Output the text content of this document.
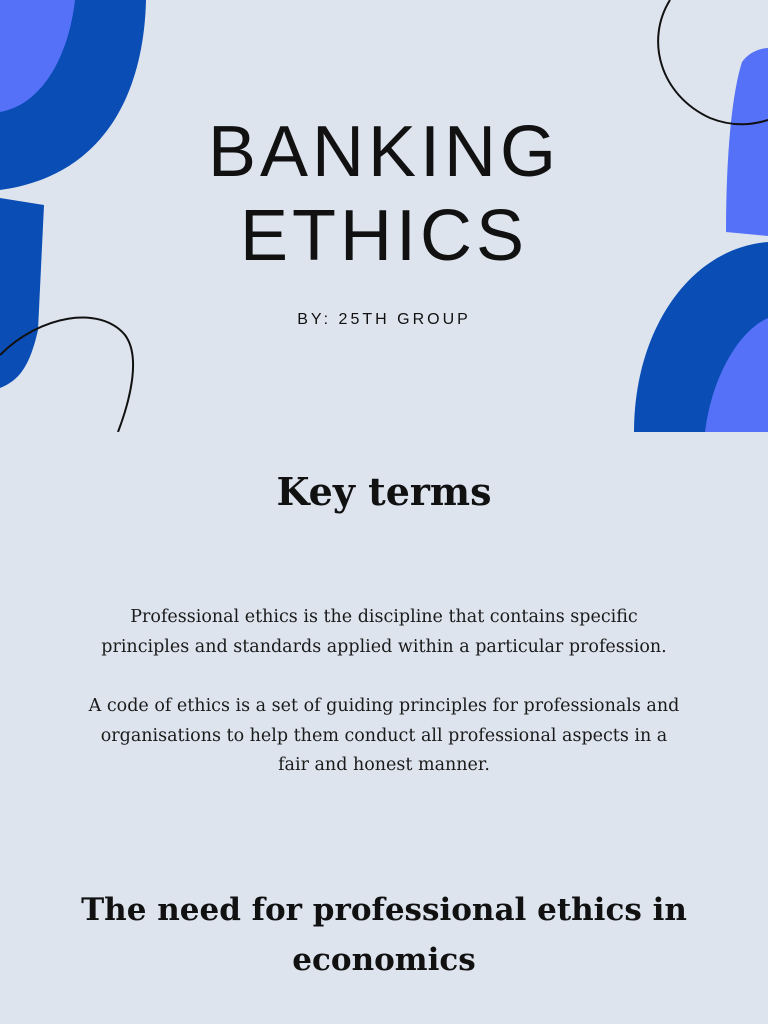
BANKING
ETHICS
BY: 25TH GROUP
Key terms

Professional ethics is the discipline that contains specific principles and standards applied within a particular profession.

A code of ethics is a set of guiding principles for professionals and organisations to help them conduct all professional aspects in a fair and honest manner.

The need for professional ethics in economics
